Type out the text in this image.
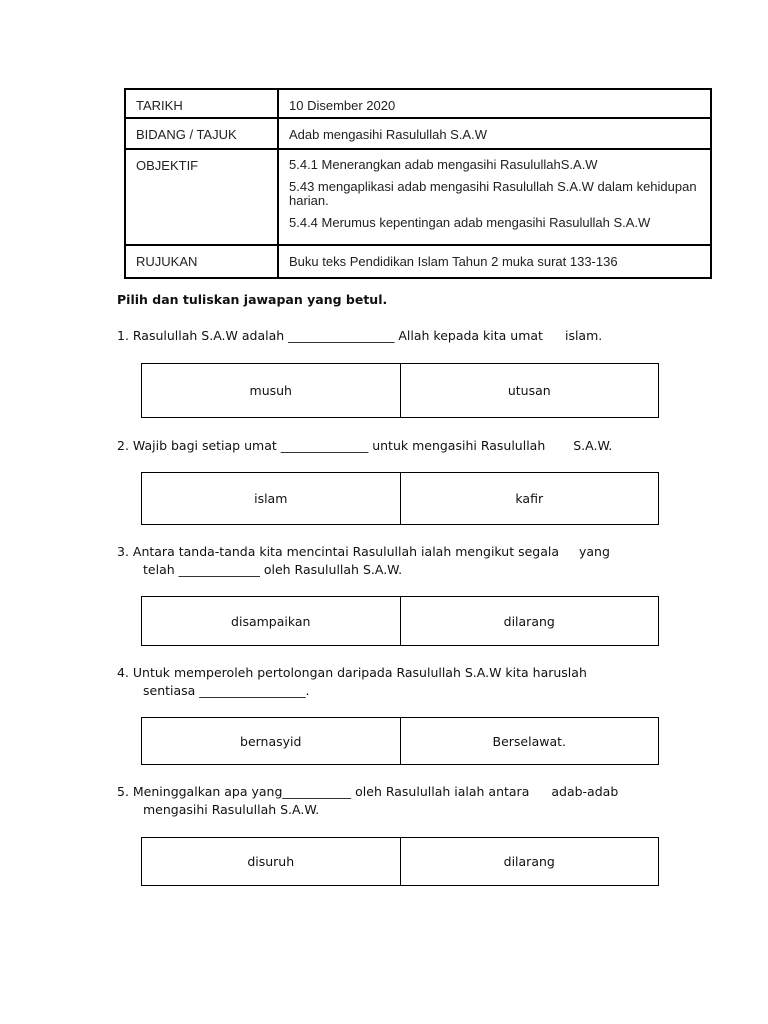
TARIKH	10 Disember 2020
BIDANG / TAJUK	Adab mengasihi Rasulullah S.A.W
OBJEKTIF	5.4.1 Menerangkan adab mengasihi RasulullahS.A.W
5.43 mengaplikasi adab mengasihi Rasulullah S.A.W dalam kehidupan harian.
5.4.4 Merumus kepentingan adab mengasihi Rasulullah S.A.W

RUJUKAN	Buku teks Pendidikan Islam Tahun 2 muka surat 133-136
Pilih dan tuliskan jawapan yang betul.
1. Rasulullah S.A.W adalah _________________ Allah kepada kita umat islam.
musuh	utusan
2. Wajib bagi setiap umat ______________ untuk mengasihi Rasulullah S.A.W.
islam	kafir
3. Antara tanda-tanda kita mencintai Rasulullah ialah mengikut segala yang
telah _____________ oleh Rasulullah S.A.W.
disampaikan	dilarang
4. Untuk memperoleh pertolongan daripada Rasulullah S.A.W kita haruslah
sentiasa _________________.
bernasyid	Berselawat.
5. Meninggalkan apa yang___________ oleh Rasulullah ialah antara adab-adab
mengasihi Rasulullah S.A.W.
disuruh	dilarang
